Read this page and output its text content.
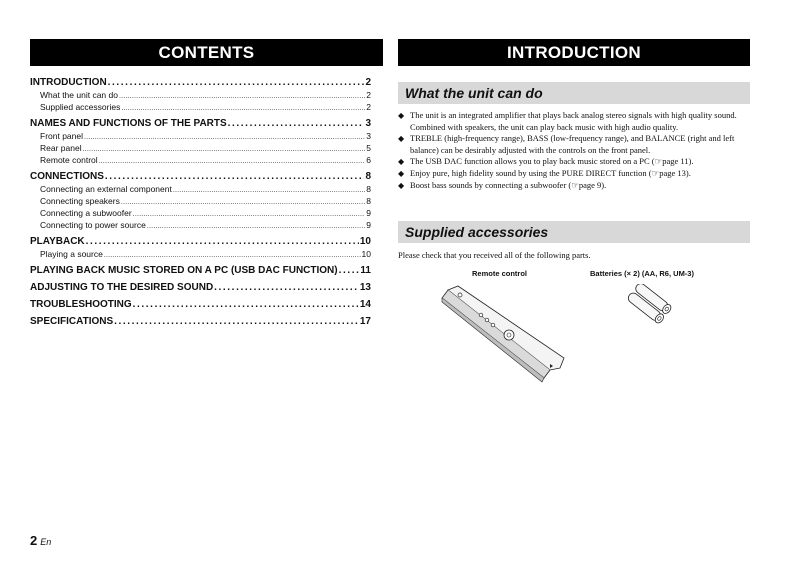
CONTENTS	INTRODUCTION
INTRODUCTION .....	2
What the unit can do .....	2
Supplied accessories .....	2
NAMES AND FUNCTIONS OF THE PARTS .....	3
Front panel .....	3
Rear panel .....	5
Remote control .....	6
CONNECTIONS .....	8
Connecting an external component .....	8
Connecting speakers .....	8
Connecting a subwoofer .....	9
Connecting to power source .....	9
PLAYBACK .....	10
Playing a source .....	10
PLAYING BACK MUSIC STORED ON A PC (USB DAC FUNCTION) ..... 11
ADJUSTING TO THE DESIRED SOUND .....	13
TROUBLESHOOTING .....	14
SPECIFICATIONS .....	17
What the unit can do
◆ The unit is an integrated amplifier that plays back analog stereo signals with high quality sound. Combined with speakers, the unit can play back music with high audio quality.
◆ TREBLE (high-frequency range), BASS (low-frequency range), and BALANCE (right and left balance) can be desirably adjusted with the controls on the front panel.
◆ The USB DAC function allows you to play back music stored on a PC (☞page 11).
◆ Enjoy pure, high fidelity sound by using the PURE DIRECT function (☞page 13).
◆ Boost bass sounds by connecting a subwoofer (☞page 9).
Supplied accessories
Please check that you received all of the following parts.
Remote control	Batteries (× 2) (AA, R6, UM-3)
2 En
